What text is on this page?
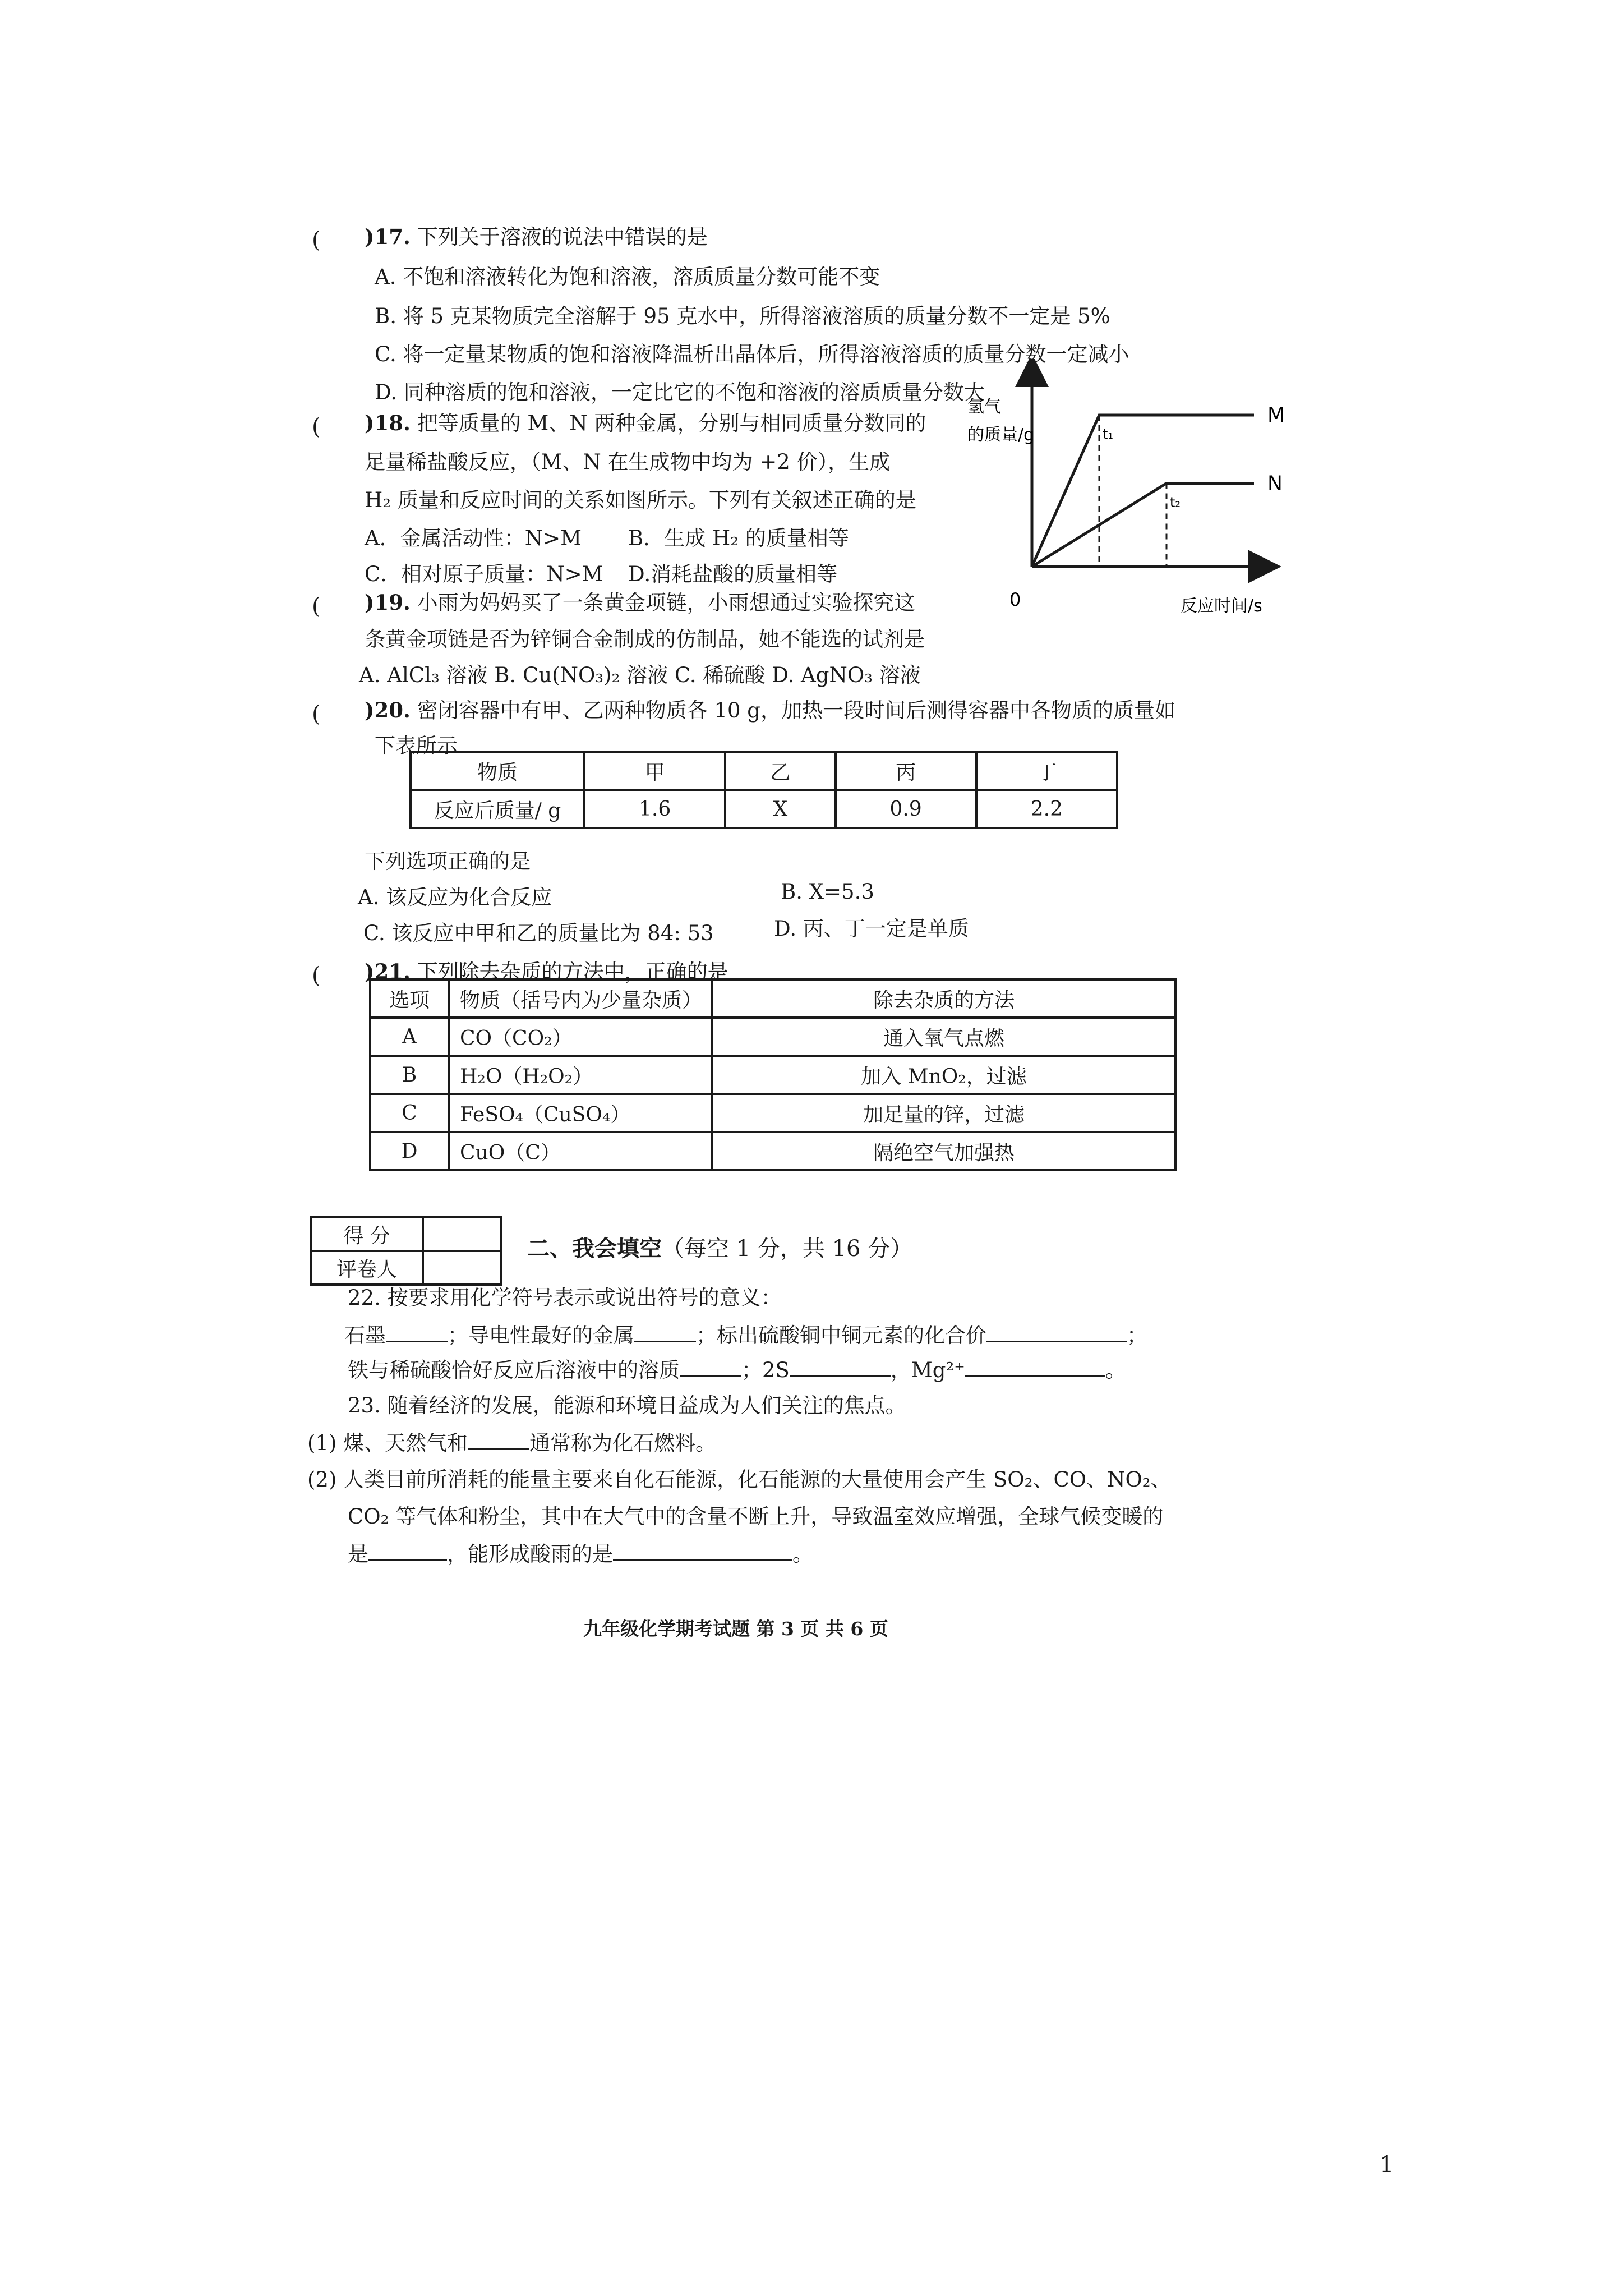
( )17. 下列关于溶液的说法中错误的是
A. 不饱和溶液转化为饱和溶液，溶质质量分数可能不变
B. 将 5 克某物质完全溶解于 95 克水中，所得溶液溶质的质量分数不一定是 5%
C. 将一定量某物质的饱和溶液降温析出晶体后，所得溶液溶质的质量分数一定减小
D. 同种溶质的饱和溶液，一定比它的不饱和溶液的溶质质量分数大
( )18. 把等质量的 M、N 两种金属，分别与相同质量分数同的
足量稀盐酸反应，（M、N 在生成物中均为 +2 价），生成
H₂ 质量和反应时间的关系如图所示。下列有关叙述正确的是
A．金属活动性：N>M B．生成 H₂ 的质量相等
C．相对原子质量：N>M D.消耗盐酸的质量相等
氢气
的质量/g
反应时间/s
0
t₁
M
t₂
N
( )19. 小雨为妈妈买了一条黄金项链，小雨想通过实验探究这
条黄金项链是否为锌铜合金制成的仿制品，她不能选的试剂是
A. AlCl₃ 溶液 B. Cu(NO₃)₂ 溶液 C. 稀硫酸 D. AgNO₃ 溶液
( )20. 密闭容器中有甲、乙两种物质各 10 g，加热一段时间后测得容器中各物质的质量如
下表所示
物质	甲	乙	丙	丁
反应后质量/ g	1.6	X	0.9	2.2
下列选项正确的是
A. 该反应为化合反应	B. X=5.3
C. 该反应中甲和乙的质量比为 84: 53	D. 丙、丁一定是单质
( )21. 下列除去杂质的方法中，正确的是
选项	物质（括号内为少量杂质）	除去杂质的方法
A	CO（CO₂）	通入氧气点燃
B	H₂O（H₂O₂）	加入 MnO₂，过滤
C	FeSO₄（CuSO₄）	加足量的锌，过滤
D	CuO（C）	隔绝空气加强热
得 分	
评卷人	
二、我会填空（每空 1 分，共 16 分）
22. 按要求用化学符号表示或说出符号的意义：
石墨	；导电性最好的金属	；标出硫酸铜中铜元素的化合价	；
铁与稀硫酸恰好反应后溶液中的溶质	；2S	，Mg²⁺	。
23. 随着经济的发展，能源和环境日益成为人们关注的焦点。
(1) 煤、天然气和	通常称为化石燃料。
(2) 人类目前所消耗的能量主要来自化石能源，化石能源的大量使用会产生 SO₂、CO、NO₂、
CO₂ 等气体和粉尘，其中在大气中的含量不断上升，导致温室效应增强，全球气候变暖的
是	，能形成酸雨的是	。
九年级化学期考试题 第 3 页 共 6 页
1
